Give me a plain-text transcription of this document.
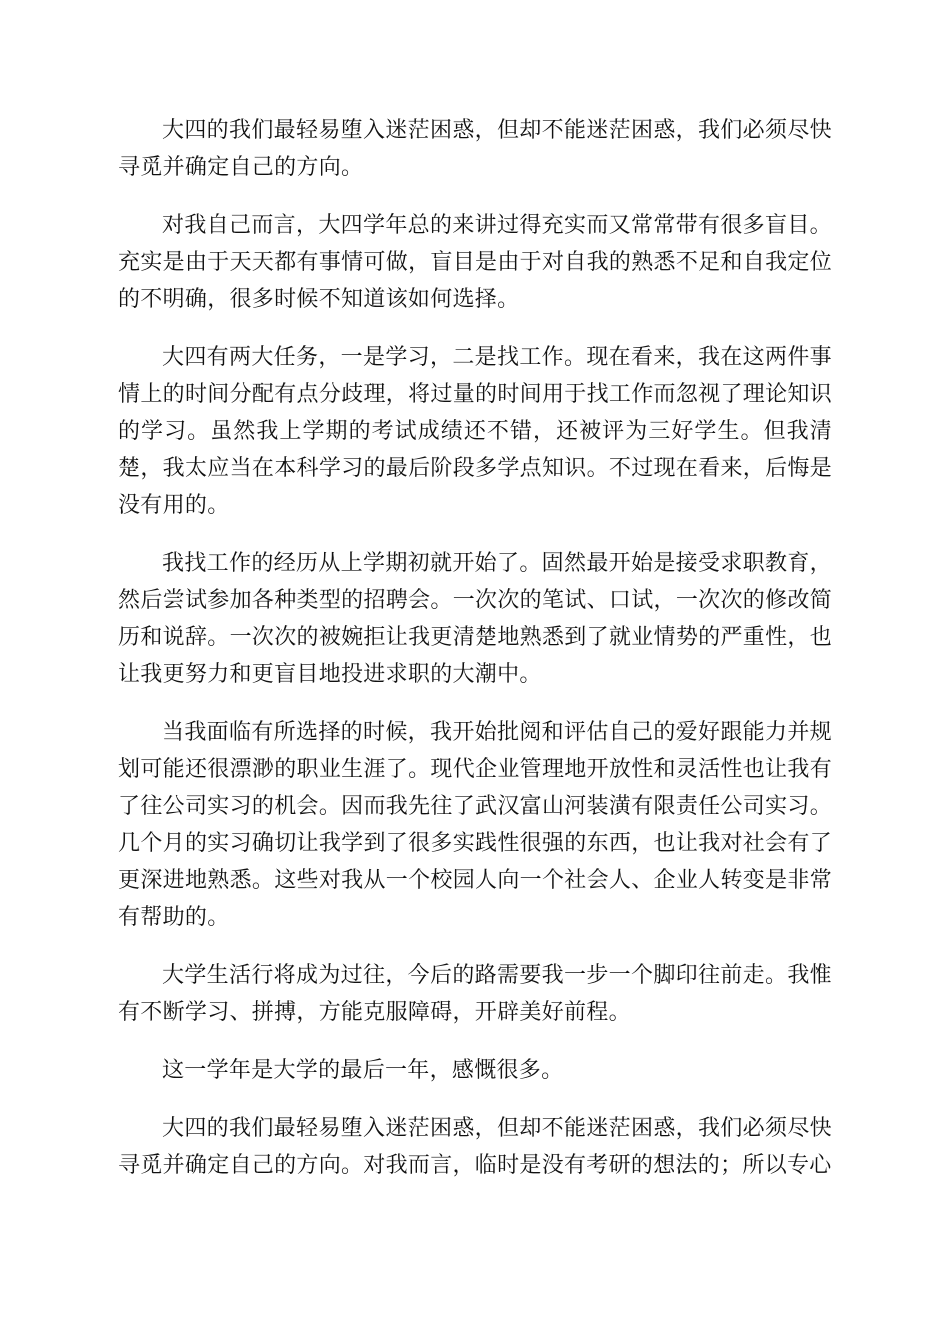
大四的我们最轻易堕入迷茫困惑，但却不能迷茫困惑，我们必须尽快寻觅并确定自己的方向。

对我自己而言，大四学年总的来讲过得充实而又常常带有很多盲目。充实是由于天天都有事情可做，盲目是由于对自我的熟悉不足和自我定位的不明确，很多时候不知道该如何选择。

大四有两大任务，一是学习，二是找工作。现在看来，我在这两件事情上的时间分配有点分歧理，将过量的时间用于找工作而忽视了理论知识的学习。虽然我上学期的考试成绩还不错，还被评为三好学生。但我清楚，我太应当在本科学习的最后阶段多学点知识。不过现在看来，后悔是没有用的。

我找工作的经历从上学期初就开始了。固然最开始是接受求职教育，然后尝试参加各种类型的招聘会。一次次的笔试、口试，一次次的修改简历和说辞。一次次的被婉拒让我更清楚地熟悉到了就业情势的严重性，也让我更努力和更盲目地投进求职的大潮中。

当我面临有所选择的时候，我开始批阅和评估自己的爱好跟能力并规划可能还很漂渺的职业生涯了。现代企业管理地开放性和灵活性也让我有了往公司实习的机会。因而我先往了武汉富山河装潢有限责任公司实习。几个月的实习确切让我学到了很多实践性很强的东西，也让我对社会有了更深进地熟悉。这些对我从一个校园人向一个社会人、企业人转变是非常有帮助的。

大学生活行将成为过往，今后的路需要我一步一个脚印往前走。我惟有不断学习、拼搏，方能克服障碍，开辟美好前程。

这一学年是大学的最后一年，感慨很多。

大四的我们最轻易堕入迷茫困惑，但却不能迷茫困惑，我们必须尽快寻觅并确定自己的方向。对我而言，临时是没有考研的想法的；所以专心
